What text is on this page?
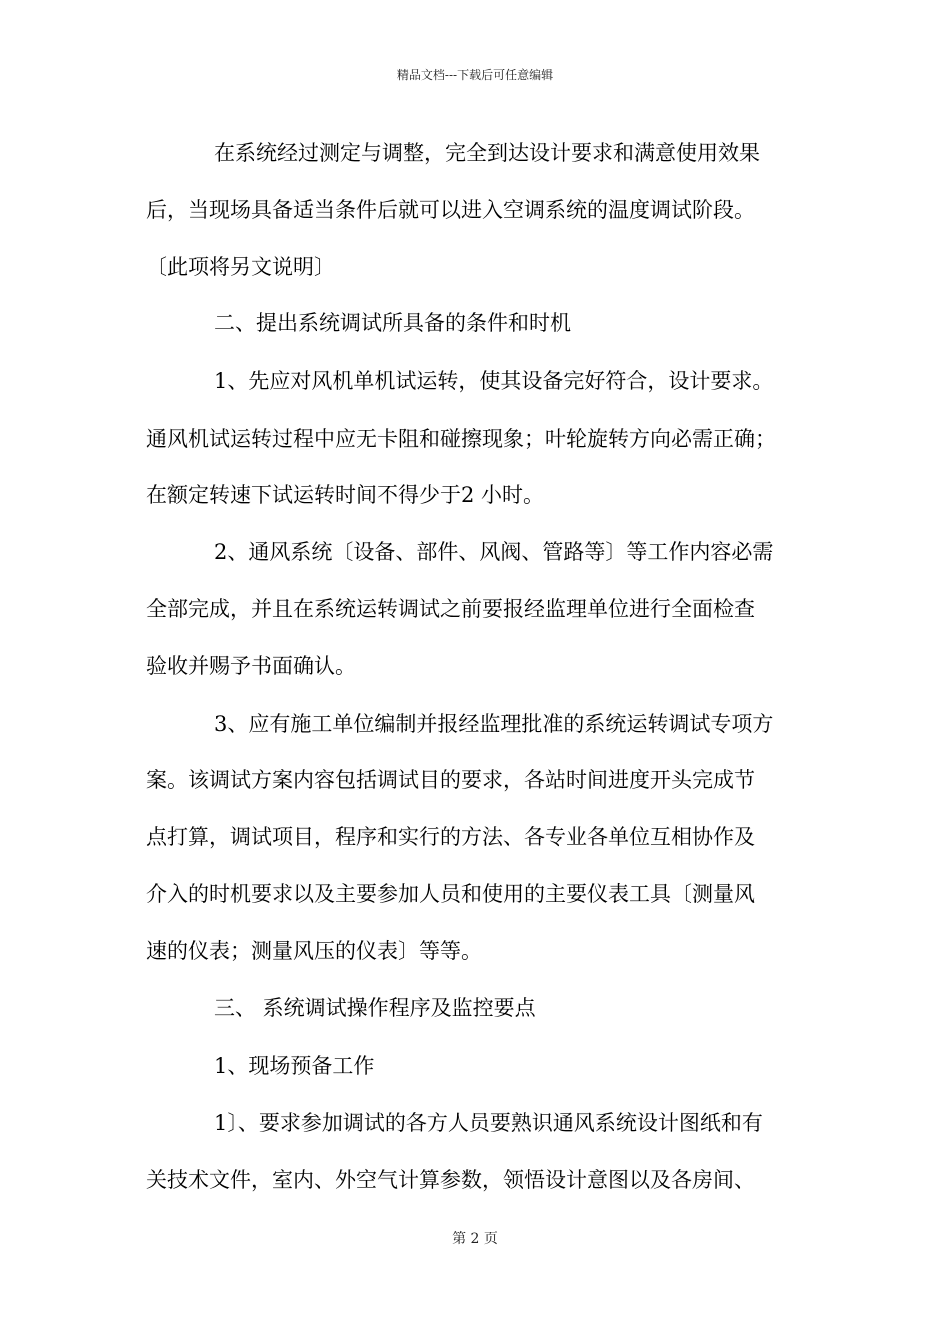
精品文档---下载后可任意编辑
在系统经过测定与调整，完全到达设计要求和满意使用效果
后，当现场具备适当条件后就可以进入空调系统的温度调试阶段。
〔此项将另文说明〕
二、提出系统调试所具备的条件和时机
1、先应对风机单机试运转，使其设备完好符合，设计要求。
通风机试运转过程中应无卡阻和碰擦现象；叶轮旋转方向必需正确；
在额定转速下试运转时间不得少于2 小时。
2、通风系统〔设备、部件、风阀、管路等〕等工作内容必需
全部完成，并且在系统运转调试之前要报经监理单位进行全面检查
验收并赐予书面确认。
3、应有施工单位编制并报经监理批准的系统运转调试专项方
案。该调试方案内容包括调试目的要求，各站时间进度开头完成节
点打算，调试项目，程序和实行的方法、各专业各单位互相协作及
介入的时机要求以及主要参加人员和使用的主要仪表工具〔测量风
速的仪表；测量风压的仪表〕等等。
三、 系统调试操作程序及监控要点
1、现场预备工作
1〕、要求参加调试的各方人员要熟识通风系统设计图纸和有
关技术文件，室内、外空气计算参数，领悟设计意图以及各房间、
第 2 页
